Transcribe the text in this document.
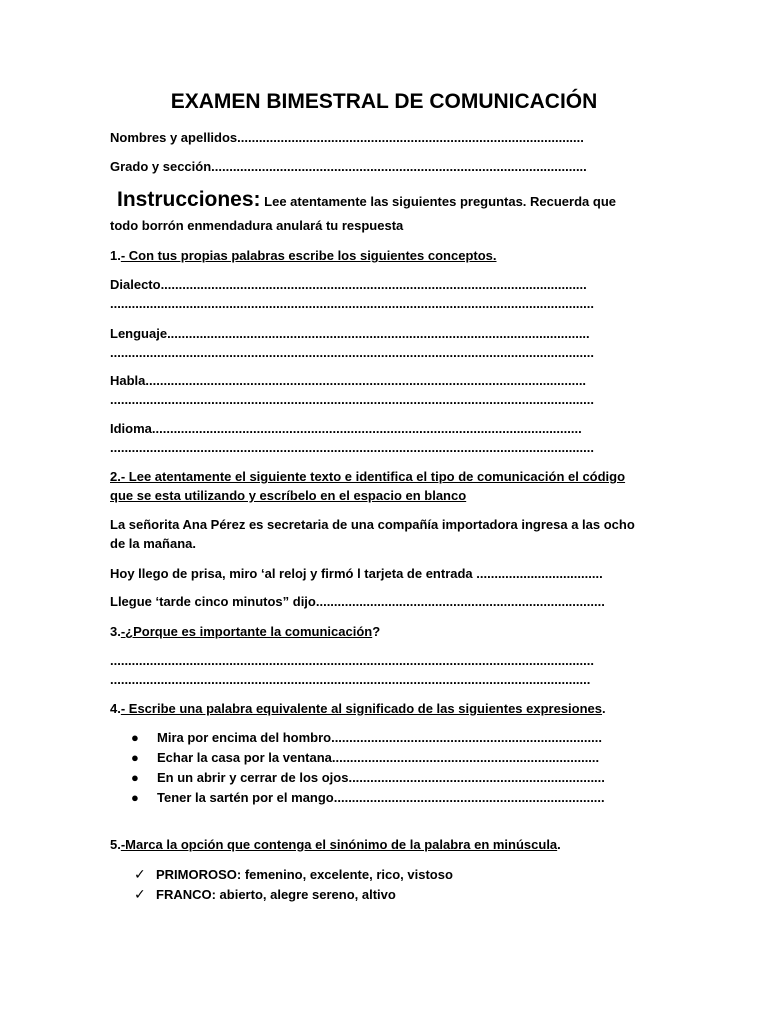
EXAMEN BIMESTRAL DE COMUNICACIÓN
Nombres y apellidos................................................................................................
Grado y sección........................................................................................................
Instrucciones: Lee atentamente las siguientes preguntas. Recuerda que
todo borrón enmendadura anulará tu respuesta
1.- Con tus propias palabras escribe los siguientes conceptos.
Dialecto......................................................................................................................
......................................................................................................................................
Lenguaje.....................................................................................................................
......................................................................................................................................
Habla..........................................................................................................................
......................................................................................................................................
Idioma.......................................................................................................................
......................................................................................................................................
2.- Lee atentamente el siguiente texto e identifica el tipo de comunicación el código
que se esta utilizando y escríbelo en el espacio en blanco
La señorita Ana Pérez es secretaria de una compañía importadora ingresa a las ocho
de la mañana.
Hoy llego de prisa, miro ‘al reloj y firmó l tarjeta de entrada ...................................
Llegue ‘tarde cinco minutos” dijo................................................................................
3.-¿Porque es importante la comunicación?
......................................................................................................................................
.....................................................................................................................................
4.- Escribe una palabra equivalente al significado de las siguientes expresiones.
● Mira por encima del hombro...........................................................................
● Echar la casa por la ventana..........................................................................
● En un abrir y cerrar de los ojos.......................................................................
● Tener la sartén por el mango...........................................................................
5.-Marca la opción que contenga el sinónimo de la palabra en minúscula.
✓ PRIMOROSO: femenino, excelente, rico, vistoso
✓ FRANCO: abierto, alegre sereno, altivo
